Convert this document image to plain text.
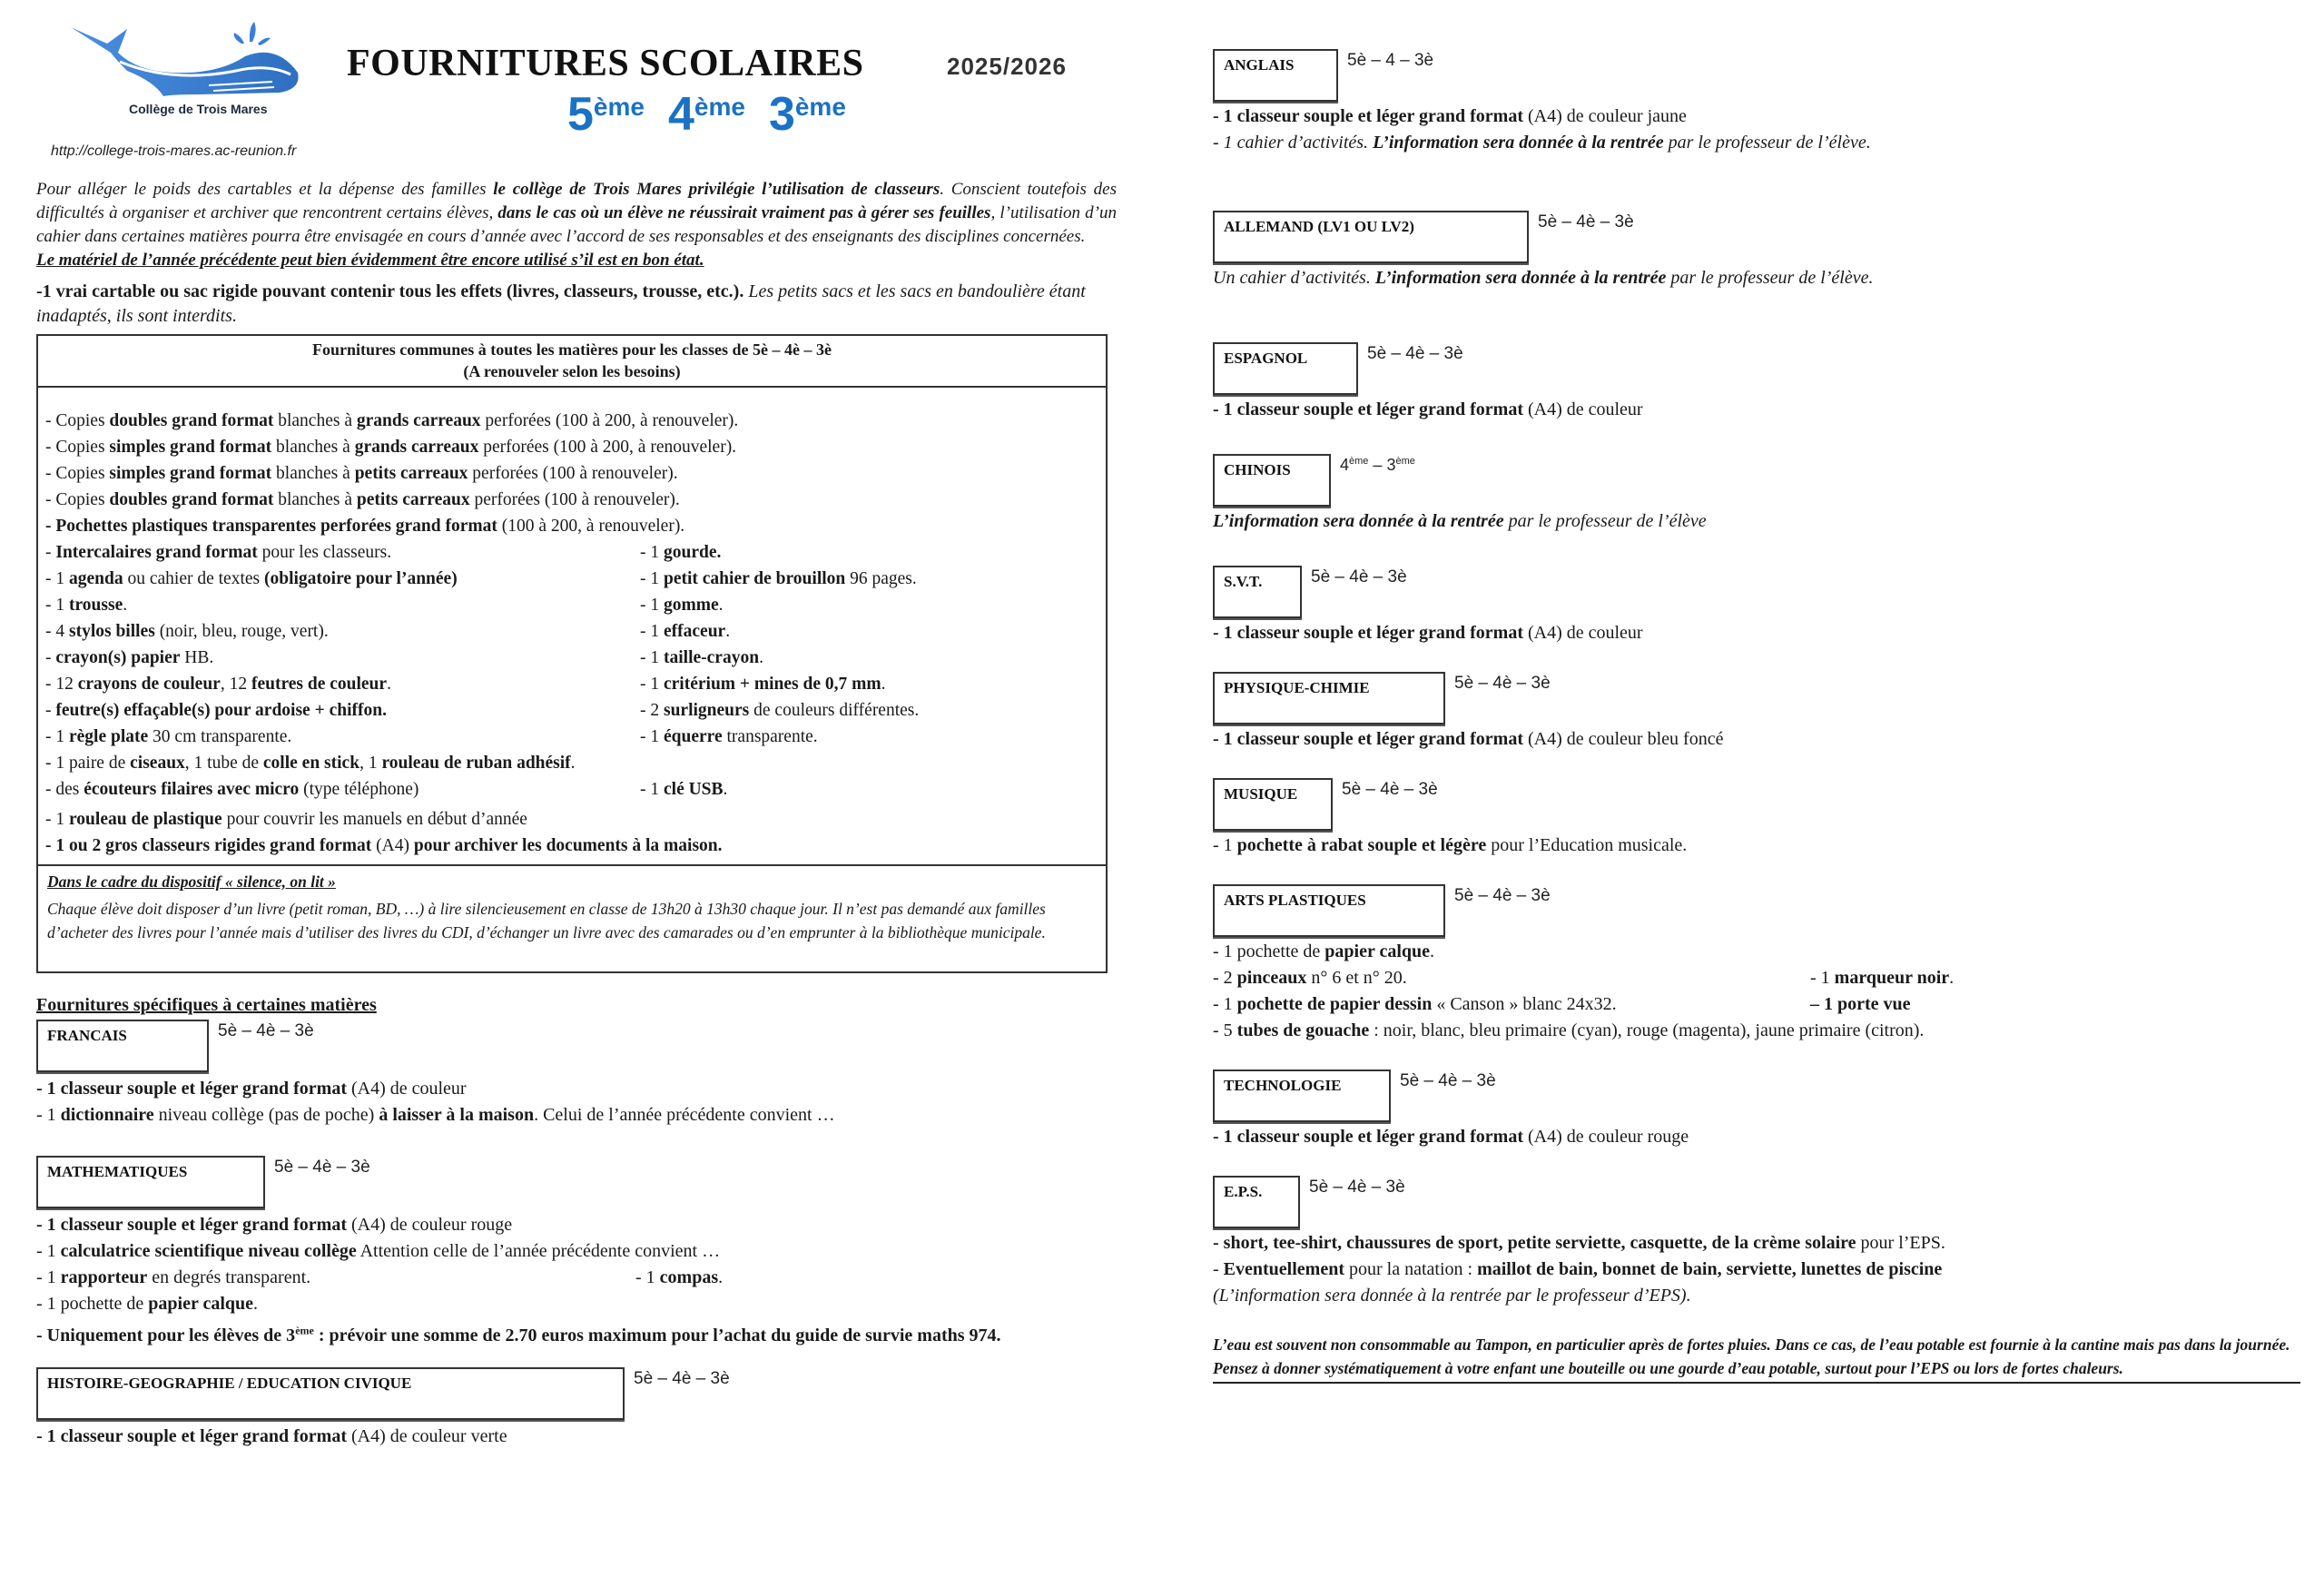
Collège de Trois Mares
http://college-trois-mares.ac-reunion.fr
FOURNITURES SCOLAIRES	2025/2026
5ème 4ème 3ème
Pour alléger le poids des cartables et la dépense des familles le collège de Trois Mares privilégie l’utilisation de classeurs. Conscient toutefois des difficultés à organiser et archiver que rencontrent certains élèves, dans le cas où un élève ne réussirait vraiment pas à gérer ses feuilles, l’utilisation d’un cahier dans certaines matières pourra être envisagée en cours d’année avec l’accord de ses responsables et des enseignants des disciplines concernées.
Le matériel de l’année précédente peut bien évidemment être encore utilisé s’il est en bon état.
-1 vrai cartable ou sac rigide pouvant contenir tous les effets (livres, classeurs, trousse, etc.). Les petits sacs et les sacs en bandoulière étant inadaptés, ils sont interdits.
Fournitures communes à toutes les matières pour les classes de 5è – 4è – 3è
(A renouveler selon les besoins)
- Copies doubles grand format blanches à grands carreaux perforées (100 à 200, à renouveler).
- Copies simples grand format blanches à grands carreaux perforées (100 à 200, à renouveler).
- Copies simples grand format blanches à petits carreaux perforées (100 à renouveler).
- Copies doubles grand format blanches à petits carreaux perforées (100 à renouveler).
- Pochettes plastiques transparentes perforées grand format (100 à 200, à renouveler).
- Intercalaires grand format pour les classeurs.	- 1 gourde.
- 1 agenda ou cahier de textes (obligatoire pour l’année)	- 1 petit cahier de brouillon 96 pages.
- 1 trousse.	- 1 gomme.
- 4 stylos billes (noir, bleu, rouge, vert).	- 1 effaceur.
- crayon(s) papier HB.	- 1 taille-crayon.
- 12 crayons de couleur, 12 feutres de couleur.	- 1 critérium + mines de 0,7 mm.
- feutre(s) effaçable(s) pour ardoise + chiffon.	- 2 surligneurs de couleurs différentes.
- 1 règle plate 30 cm transparente.	- 1 équerre transparente.
- 1 paire de ciseaux, 1 tube de colle en stick, 1 rouleau de ruban adhésif.
- des écouteurs filaires avec micro (type téléphone)	- 1 clé USB.
- 1 rouleau de plastique pour couvrir les manuels en début d’année
- 1 ou 2 gros classeurs rigides grand format (A4) pour archiver les documents à la maison.
Dans le cadre du dispositif « silence, on lit »
Chaque élève doit disposer d’un livre (petit roman, BD, …) à lire silencieusement en classe de 13h20 à 13h30 chaque jour. Il n’est pas demandé aux familles d’acheter des livres pour l’année mais d’utiliser des livres du CDI, d’échanger un livre avec des camarades ou d’en emprunter à la bibliothèque municipale.
Fournitures spécifiques à certaines matières
FRANCAIS	5è – 4è – 3è
- 1 classeur souple et léger grand format (A4) de couleur
- 1 dictionnaire niveau collège (pas de poche) à laisser à la maison. Celui de l’année précédente convient …
MATHEMATIQUES	5è – 4è – 3è
- 1 classeur souple et léger grand format (A4) de couleur rouge
- 1 calculatrice scientifique niveau collège Attention celle de l’année précédente convient …
- 1 rapporteur en degrés transparent.	- 1 compas.
- 1 pochette de papier calque.
- Uniquement pour les élèves de 3ème : prévoir une somme de 2.70 euros maximum pour l’achat du guide de survie maths 974.
HISTOIRE-GEOGRAPHIE / EDUCATION CIVIQUE	5è – 4è – 3è
- 1 classeur souple et léger grand format (A4) de couleur verte
ANGLAIS	5è – 4 – 3è
- 1 classeur souple et léger grand format (A4) de couleur jaune
- 1 cahier d’activités. L’information sera donnée à la rentrée par le professeur de l’élève.
ALLEMAND (LV1 OU LV2)	5è – 4è – 3è
Un cahier d’activités. L’information sera donnée à la rentrée par le professeur de l’élève.
ESPAGNOL	5è – 4è – 3è
- 1 classeur souple et léger grand format (A4) de couleur
CHINOIS	4ème – 3ème
L’information sera donnée à la rentrée par le professeur de l’élève
S.V.T.	5è – 4è – 3è
- 1 classeur souple et léger grand format (A4) de couleur
PHYSIQUE-CHIMIE	5è – 4è – 3è
- 1 classeur souple et léger grand format (A4) de couleur bleu foncé
MUSIQUE	5è – 4è – 3è
- 1 pochette à rabat souple et légère pour l’Education musicale.
ARTS PLASTIQUES	5è – 4è – 3è
- 1 pochette de papier calque.
- 2 pinceaux n° 6 et n° 20.	- 1 marqueur noir.
- 1 pochette de papier dessin « Canson » blanc 24x32.	– 1 porte vue
- 5 tubes de gouache : noir, blanc, bleu primaire (cyan), rouge (magenta), jaune primaire (citron).
TECHNOLOGIE	5è – 4è – 3è
- 1 classeur souple et léger grand format (A4) de couleur rouge
E.P.S.	5è – 4è – 3è
- short, tee-shirt, chaussures de sport, petite serviette, casquette, de la crème solaire pour l’EPS.
- Eventuellement pour la natation : maillot de bain, bonnet de bain, serviette, lunettes de piscine
(L’information sera donnée à la rentrée par le professeur d’EPS).
L’eau est souvent non consommable au Tampon, en particulier après de fortes pluies. Dans ce cas, de l’eau potable est fournie à la cantine mais pas dans la journée.
Pensez à donner systématiquement à votre enfant une bouteille ou une gourde d’eau potable, surtout pour l’EPS ou lors de fortes chaleurs.
